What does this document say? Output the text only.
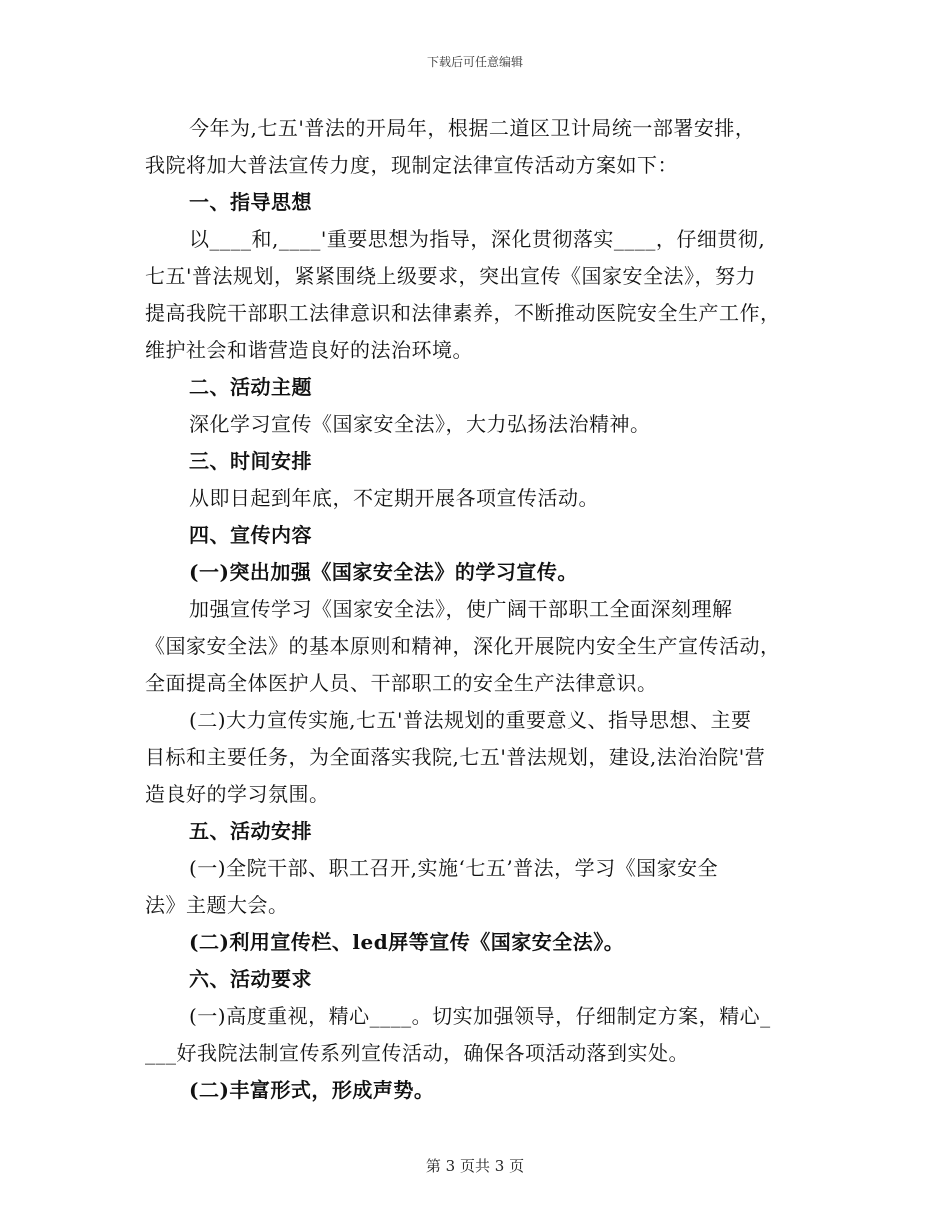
下载后可任意编辑
今年为,七五'普法的开局年，根据二道区卫计局统一部署安排，
我院将加大普法宣传力度，现制定法律宣传活动方案如下：
一、指导思想
以____和,____'重要思想为指导，深化贯彻落实____，仔细贯彻,
七五'普法规划，紧紧围绕上级要求，突出宣传《国家安全法》，努力
提高我院干部职工法律意识和法律素养，不断推动医院安全生产工作，
维护社会和谐营造良好的法治环境。
二、活动主题
深化学习宣传《国家安全法》，大力弘扬法治精神。
三、时间安排
从即日起到年底，不定期开展各项宣传活动。
四、宣传内容
(一)突出加强《国家安全法》的学习宣传。
加强宣传学习《国家安全法》，使广阔干部职工全面深刻理解
《国家安全法》的基本原则和精神，深化开展院内安全生产宣传活动，
全面提高全体医护人员、干部职工的安全生产法律意识。
(二)大力宣传实施,七五'普法规划的重要意义、指导思想、主要
目标和主要任务，为全面落实我院,七五'普法规划，建设,法治治院'营
造良好的学习氛围。
五、活动安排
(一)全院干部、职工召开,实施‘七五’普法，学习《国家安全
法》主题大会。
(二)利用宣传栏、led屏等宣传《国家安全法》。
六、活动要求
(一)高度重视，精心____。切实加强领导，仔细制定方案，精心_
___好我院法制宣传系列宣传活动，确保各项活动落到实处。
(二)丰富形式，形成声势。
第 3 页共 3 页
